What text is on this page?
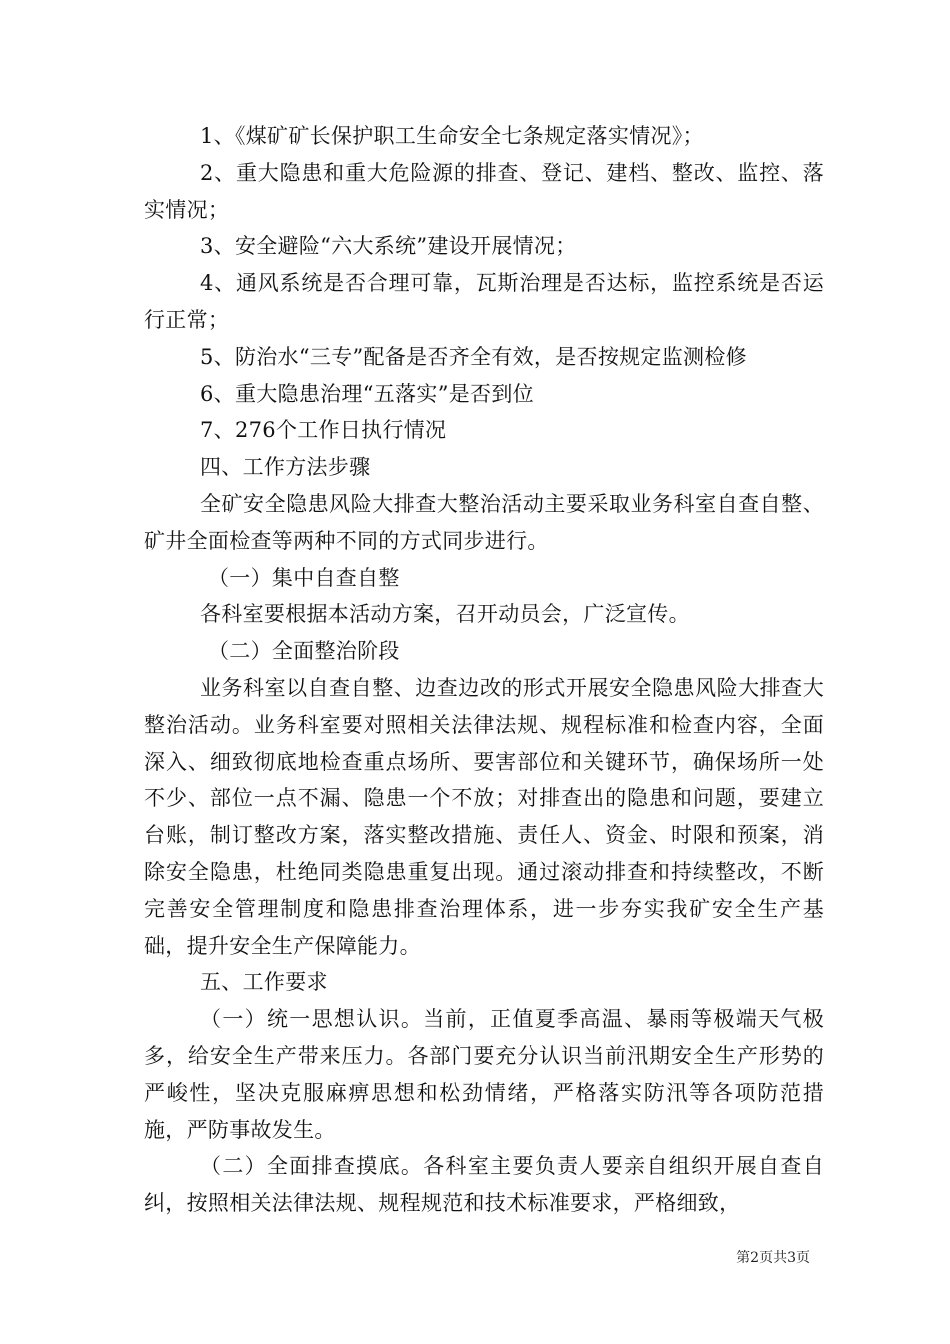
1、《煤矿矿长保护职工生命安全七条规定落实情况》；

2、重大隐患和重大危险源的排查、登记、建档、整改、监控、落实情况；

3、安全避险“六大系统”建设开展情况；

4、通风系统是否合理可靠，瓦斯治理是否达标，监控系统是否运行正常；

5、防治水“三专”配备是否齐全有效，是否按规定监测检修

6、重大隐患治理“五落实”是否到位

7、276个工作日执行情况

四、工作方法步骤

全矿安全隐患风险大排查大整治活动主要采取业务科室自查自整、矿井全面检查等两种不同的方式同步进行。

（一）集中自查自整

各科室要根据本活动方案，召开动员会，广泛宣传。

（二）全面整治阶段

业务科室以自查自整、边查边改的形式开展安全隐患风险大排查大整治活动。业务科室要对照相关法律法规、规程标准和检查内容，全面深入、细致彻底地检查重点场所、要害部位和关键环节，确保场所一处不少、部位一点不漏、隐患一个不放；对排查出的隐患和问题，要建立台账，制订整改方案，落实整改措施、责任人、资金、时限和预案，消除安全隐患，杜绝同类隐患重复出现。通过滚动排查和持续整改，不断完善安全管理制度和隐患排查治理体系，进一步夯实我矿安全生产基础，提升安全生产保障能力。

五、工作要求

（一）统一思想认识。当前，正值夏季高温、暴雨等极端天气极多，给安全生产带来压力。各部门要充分认识当前汛期安全生产形势的严峻性，坚决克服麻痹思想和松劲情绪，严格落实防汛等各项防范措施，严防事故发生。

（二）全面排查摸底。各科室主要负责人要亲自组织开展自查自纠，按照相关法律法规、规程规范和技术标准要求，严格细致，

第2页共3页
